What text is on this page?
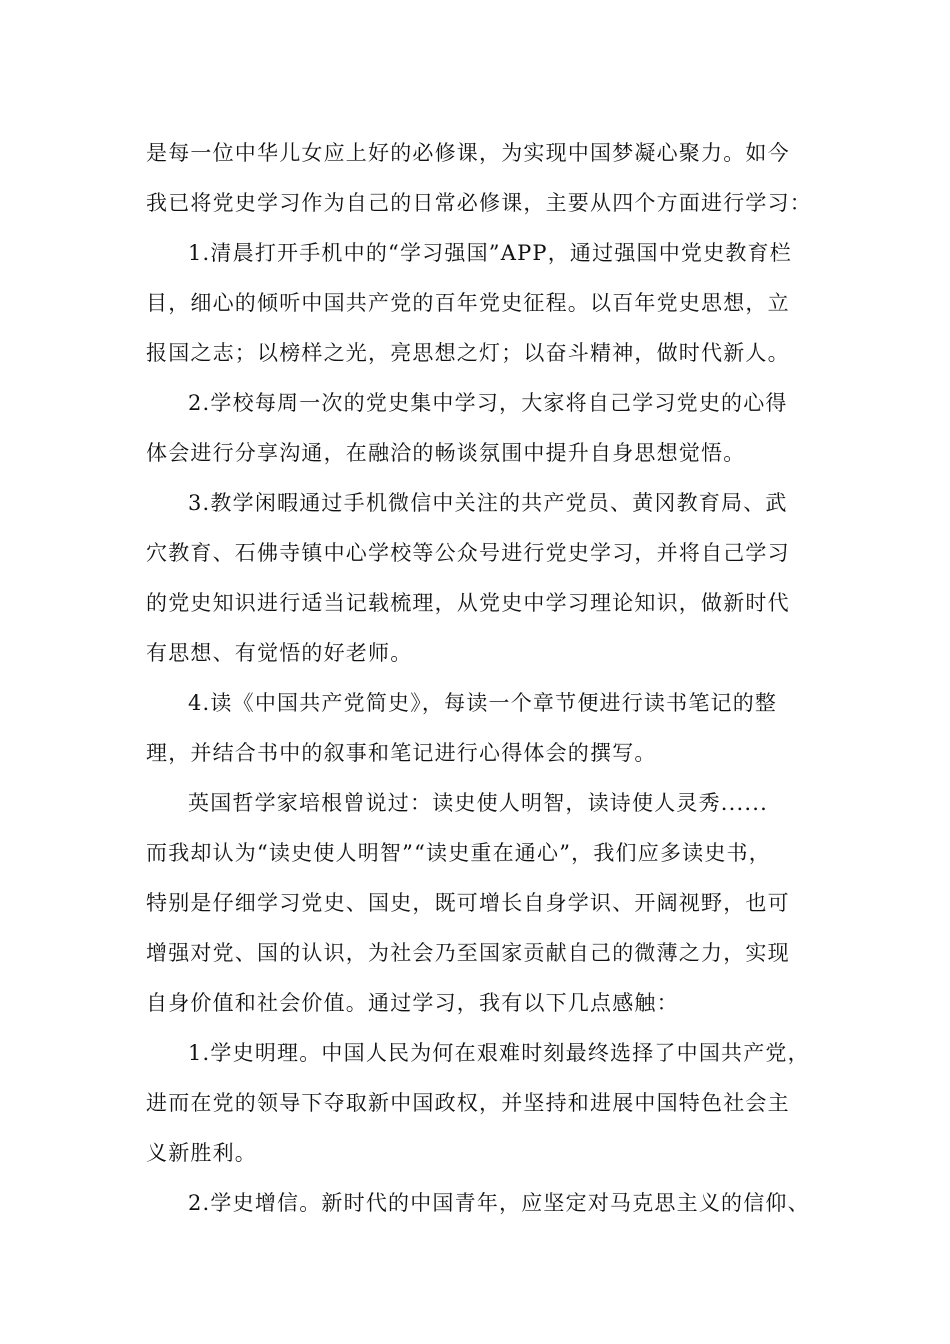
是每一位中华儿女应上好的必修课，为实现中国梦凝心聚力。如今
我已将党史学习作为自己的日常必修课，主要从四个方面进行学习：
1.清晨打开手机中的“学习强国”APP，通过强国中党史教育栏
目，细心的倾听中国共产党的百年党史征程。以百年党史思想，立
报国之志；以榜样之光，亮思想之灯；以奋斗精神，做时代新人。
2.学校每周一次的党史集中学习，大家将自己学习党史的心得
体会进行分享沟通，在融洽的畅谈氛围中提升自身思想觉悟。
3.教学闲暇通过手机微信中关注的共产党员、黄冈教育局、武
穴教育、石佛寺镇中心学校等公众号进行党史学习，并将自己学习
的党史知识进行适当记载梳理，从党史中学习理论知识，做新时代
有思想、有觉悟的好老师。
4.读《中国共产党简史》，每读一个章节便进行读书笔记的整
理，并结合书中的叙事和笔记进行心得体会的撰写。
英国哲学家培根曾说过：读史使人明智，读诗使人灵秀......
而我却认为“读史使人明智”“读史重在通心”，我们应多读史书，
特别是仔细学习党史、国史，既可增长自身学识、开阔视野，也可
增强对党、国的认识，为社会乃至国家贡献自己的微薄之力，实现
自身价值和社会价值。通过学习，我有以下几点感触：
1.学史明理。中国人民为何在艰难时刻最终选择了中国共产党，
进而在党的领导下夺取新中国政权，并坚持和进展中国特色社会主
义新胜利。
2.学史增信。新时代的中国青年，应坚定对马克思主义的信仰、
